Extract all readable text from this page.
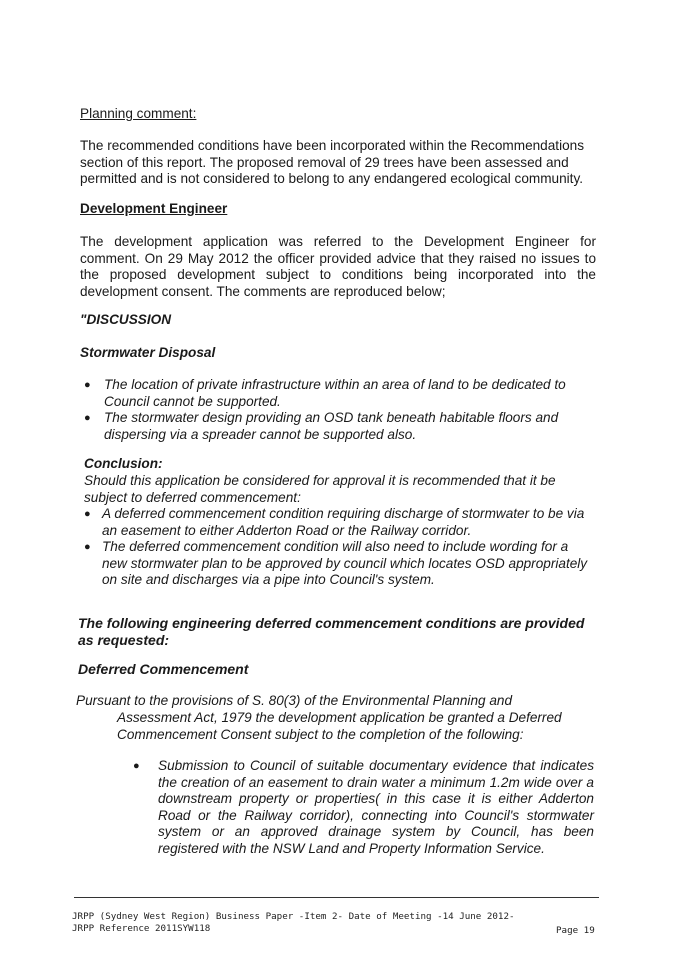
Planning comment:
The recommended conditions have been incorporated within the Recommendations section of this report. The proposed removal of 29 trees have been assessed and permitted and is not considered to belong to any endangered ecological community.
Development Engineer
The development application was referred to the Development Engineer for comment. On 29 May 2012 the officer provided advice that they raised no issues to the proposed development subject to conditions being incorporated into the development consent. The comments are reproduced below;
"DISCUSSION
Stormwater Disposal
● The location of private infrastructure within an area of land to be dedicated to Council cannot be supported.
● The stormwater design providing an OSD tank beneath habitable floors and dispersing via a spreader cannot be supported also.
Conclusion:
Should this application be considered for approval it is recommended that it be subject to deferred commencement:
● A deferred commencement condition requiring discharge of stormwater to be via an easement to either Adderton Road or the Railway corridor.
● The deferred commencement condition will also need to include wording for a new stormwater plan to be approved by council which locates OSD appropriately on site and discharges via a pipe into Council's system.
The following engineering deferred commencement conditions are provided as requested:
Deferred Commencement
Pursuant to the provisions of S. 80(3) of the Environmental Planning and
Assessment Act, 1979 the development application be granted a Deferred Commencement Consent subject to the completion of the following:
● Submission to Council of suitable documentary evidence that indicates the creation of an easement to drain water a minimum 1.2m wide over a downstream property or properties( in this case it is either Adderton Road or the Railway corridor), connecting into Council's stormwater system or an approved drainage system by Council, has been registered with the NSW Land and Property Information Service.
JRPP (Sydney West Region) Business Paper -Item 2- Date of Meeting -14 June 2012-
JRPP Reference 2011SYW118	Page 19
